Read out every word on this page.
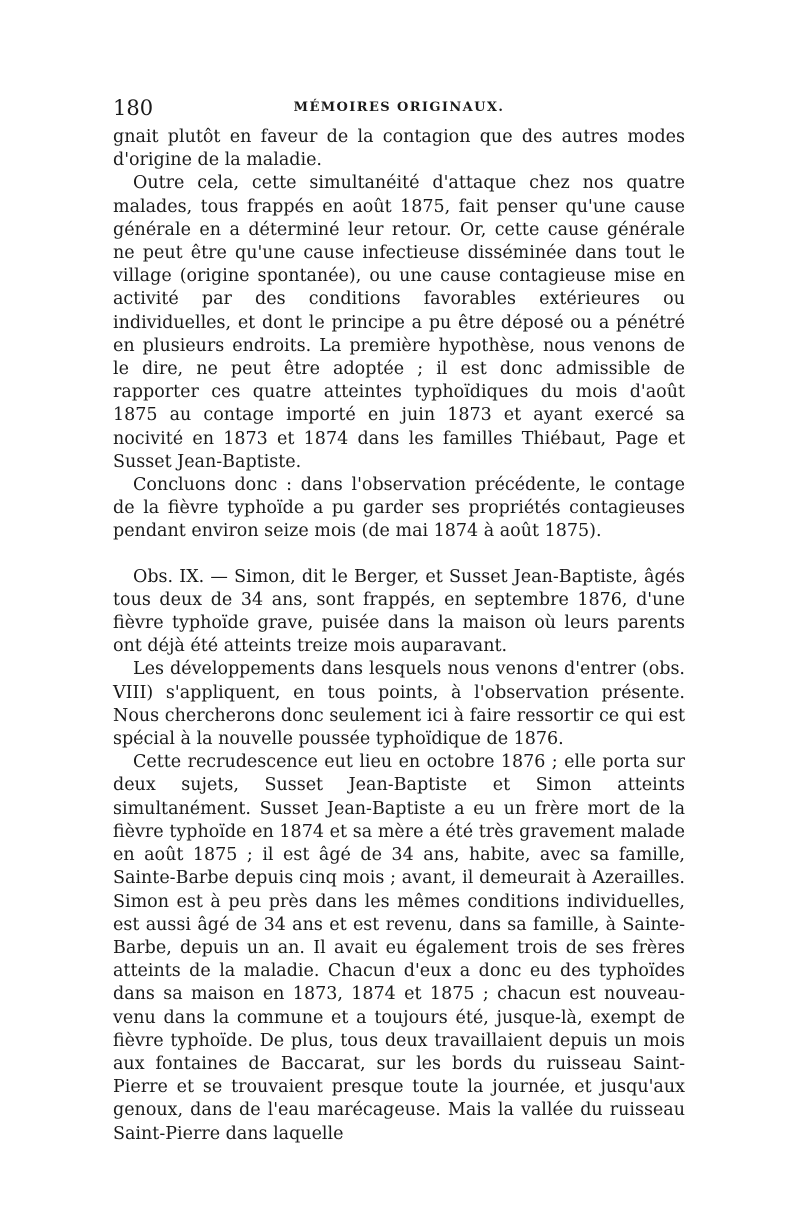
180	MÉMOIRES ORIGINAUX.

gnait plutôt en faveur de la contagion que des autres modes d'origine de la maladie.

Outre cela, cette simultanéité d'attaque chez nos quatre malades, tous frappés en août 1875, fait penser qu'une cause générale en a déterminé leur retour. Or, cette cause générale ne peut être qu'une cause infectieuse disséminée dans tout le village (origine spontanée), ou une cause contagieuse mise en activité par des conditions favorables extérieures ou individuelles, et dont le principe a pu être déposé ou a pénétré en plusieurs endroits. La première hypothèse, nous venons de le dire, ne peut être adoptée ; il est donc admissible de rapporter ces quatre atteintes typhoïdiques du mois d'août 1875 au contage importé en juin 1873 et ayant exercé sa nocivité en 1873 et 1874 dans les familles Thiébaut, Page et Susset Jean-Baptiste.

Concluons donc : dans l'observation précédente, le contage de la fièvre typhoïde a pu garder ses propriétés contagieuses pendant environ seize mois (de mai 1874 à août 1875).

Obs. IX. — Simon, dit le Berger, et Susset Jean-Baptiste, âgés tous deux de 34 ans, sont frappés, en septembre 1876, d'une fièvre typhoïde grave, puisée dans la maison où leurs parents ont déjà été atteints treize mois auparavant.

Les développements dans lesquels nous venons d'entrer (obs. VIII) s'appliquent, en tous points, à l'observation présente. Nous chercherons donc seulement ici à faire ressortir ce qui est spécial à la nouvelle poussée typhoïdique de 1876.

Cette recrudescence eut lieu en octobre 1876 ; elle porta sur deux sujets, Susset Jean-Baptiste et Simon atteints simultanément. Susset Jean-Baptiste a eu un frère mort de la fièvre typhoïde en 1874 et sa mère a été très gravement malade en août 1875 ; il est âgé de 34 ans, habite, avec sa famille, Sainte-Barbe depuis cinq mois ; avant, il demeurait à Azerailles. Simon est à peu près dans les mêmes conditions individuelles, est aussi âgé de 34 ans et est revenu, dans sa famille, à Sainte-Barbe, depuis un an. Il avait eu également trois de ses frères atteints de la maladie. Chacun d'eux a donc eu des typhoïdes dans sa maison en 1873, 1874 et 1875 ; chacun est nouveau-venu dans la commune et a toujours été, jusque-là, exempt de fièvre typhoïde. De plus, tous deux travaillaient depuis un mois aux fontaines de Baccarat, sur les bords du ruisseau Saint-Pierre et se trouvaient presque toute la journée, et jusqu'aux genoux, dans de l'eau marécageuse. Mais la vallée du ruisseau Saint-Pierre dans laquelle
